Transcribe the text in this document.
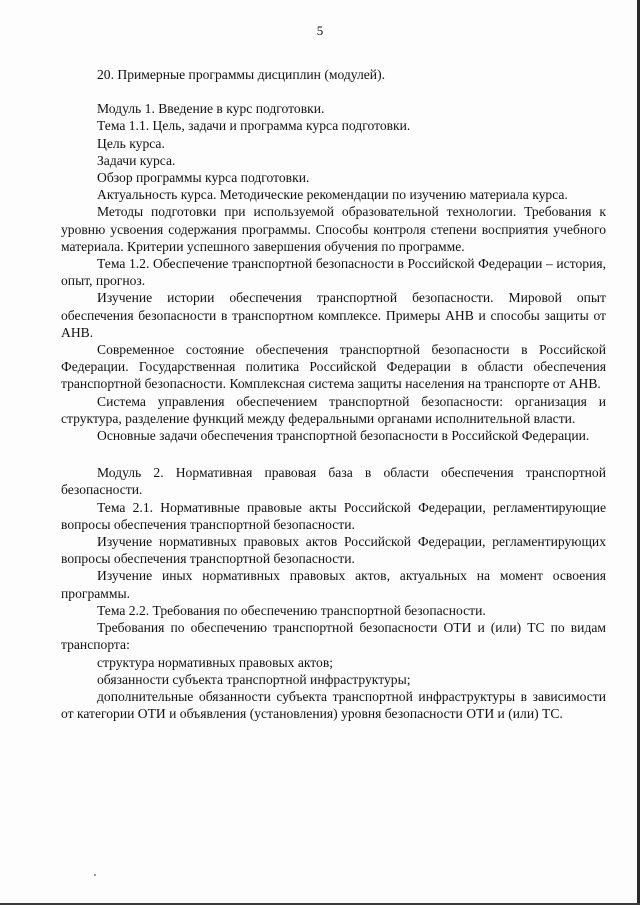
5

20. Примерные программы дисциплин (модулей).

Модуль 1. Введение в курс подготовки.

Тема 1.1. Цель, задачи и программа курса подготовки.

Цель курса.

Задачи курса.

Обзор программы курса подготовки.

Актуальность курса. Методические рекомендации по изучению материала курса.

Методы подготовки при используемой образовательной технологии. Требования к уровню усвоения содержания программы. Способы контроля степени восприятия учебного материала. Критерии успешного завершения обучения по программе.

Тема 1.2. Обеспечение транспортной безопасности в Российской Федерации – история, опыт, прогноз.

Изучение истории обеспечения транспортной безопасности. Мировой опыт обеспечения безопасности в транспортном комплексе. Примеры АНВ и способы защиты от АНВ.

Современное состояние обеспечения транспортной безопасности в Российской Федерации. Государственная политика Российской Федерации в области обеспечения транспортной безопасности. Комплексная система защиты населения на транспорте от АНВ.

Система управления обеспечением транспортной безопасности: организация и структура, разделение функций между федеральными органами исполнительной власти.

Основные задачи обеспечения транспортной безопасности в Российской Федерации.

Модуль 2. Нормативная правовая база в области обеспечения транспортной безопасности.

Тема 2.1. Нормативные правовые акты Российской Федерации, регламентирующие вопросы обеспечения транспортной безопасности.

Изучение нормативных правовых актов Российской Федерации, регламентирующих вопросы обеспечения транспортной безопасности.

Изучение иных нормативных правовых актов, актуальных на момент освоения программы.

Тема 2.2. Требования по обеспечению транспортной безопасности.

Требования по обеспечению транспортной безопасности ОТИ и (или) ТС по видам транспорта:

структура нормативных правовых актов;

обязанности субъекта транспортной инфраструктуры;

дополнительные обязанности субъекта транспортной инфраструктуры в зависимости от категории ОТИ и объявления (установления) уровня безопасности ОТИ и (или) ТС.
